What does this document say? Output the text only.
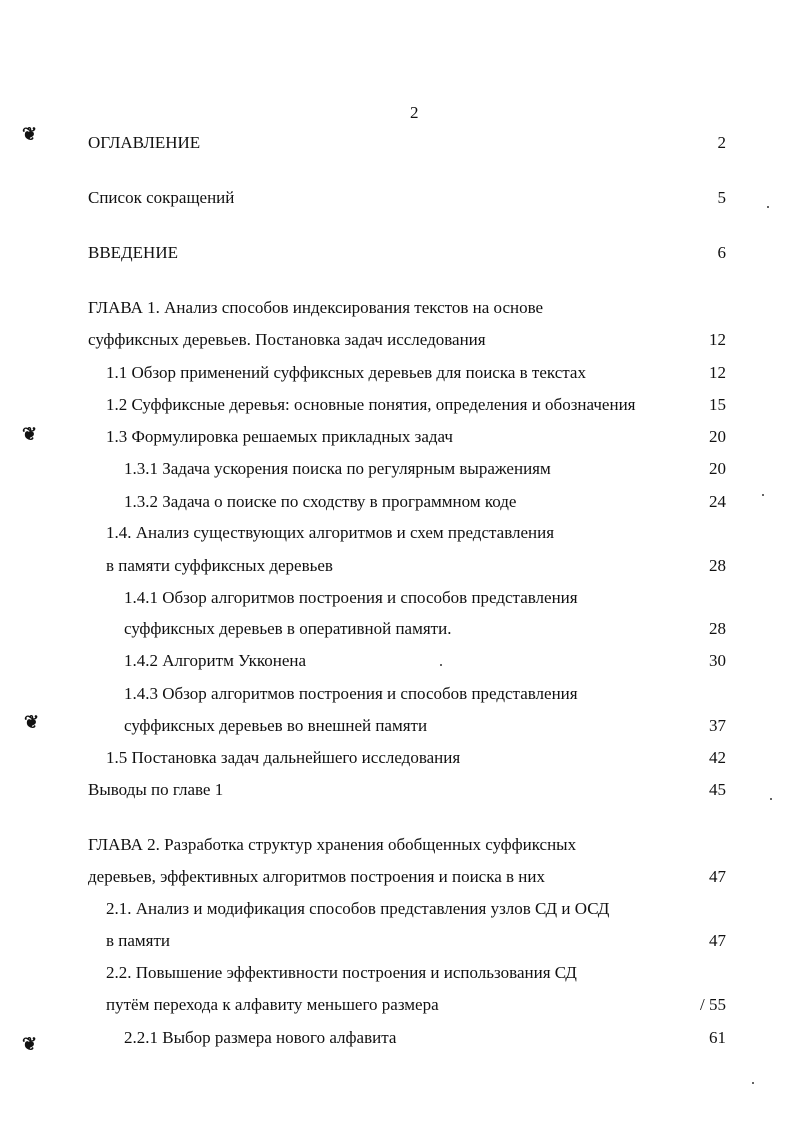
2
❦
❦
❦
❦
ОГЛАВЛЕНИЕ	2
Список сокращений	5
ВВЕДЕНИЕ	6
ГЛАВА 1. Анализ способов индексирования текстов на основе
суффиксных деревьев. Постановка задач исследования	12
1.1 Обзор применений суффиксных деревьев для поиска в текстах	12
1.2 Суффиксные деревья: основные понятия, определения и обозначения	15
1.3 Формулировка решаемых прикладных задач	20
1.3.1 Задача ускорения поиска по регулярным выражениям	20
1.3.2 Задача о поиске по сходству в программном коде	24
1.4. Анализ существующих алгоритмов и схем представления
в памяти суффиксных деревьев	28
1.4.1 Обзор алгоритмов построения и способов представления
суффиксных деревьев в оперативной памяти.	28
1.4.2 Алгоритм Укконена	30
1.4.3 Обзор алгоритмов построения и способов представления
суффиксных деревьев во внешней памяти	37
1.5 Постановка задач дальнейшего исследования	42
Выводы по главе 1	45
ГЛАВА 2. Разработка структур хранения обобщенных суффиксных
деревьев, эффективных алгоритмов построения и поиска в них	47
2.1. Анализ и модификация способов представления узлов СД и ОСД
в памяти	47
2.2. Повышение эффективности построения и использования СД
путём перехода к алфавиту меньшего размера	/ 55
2.2.1 Выбор размера нового алфавита	61
